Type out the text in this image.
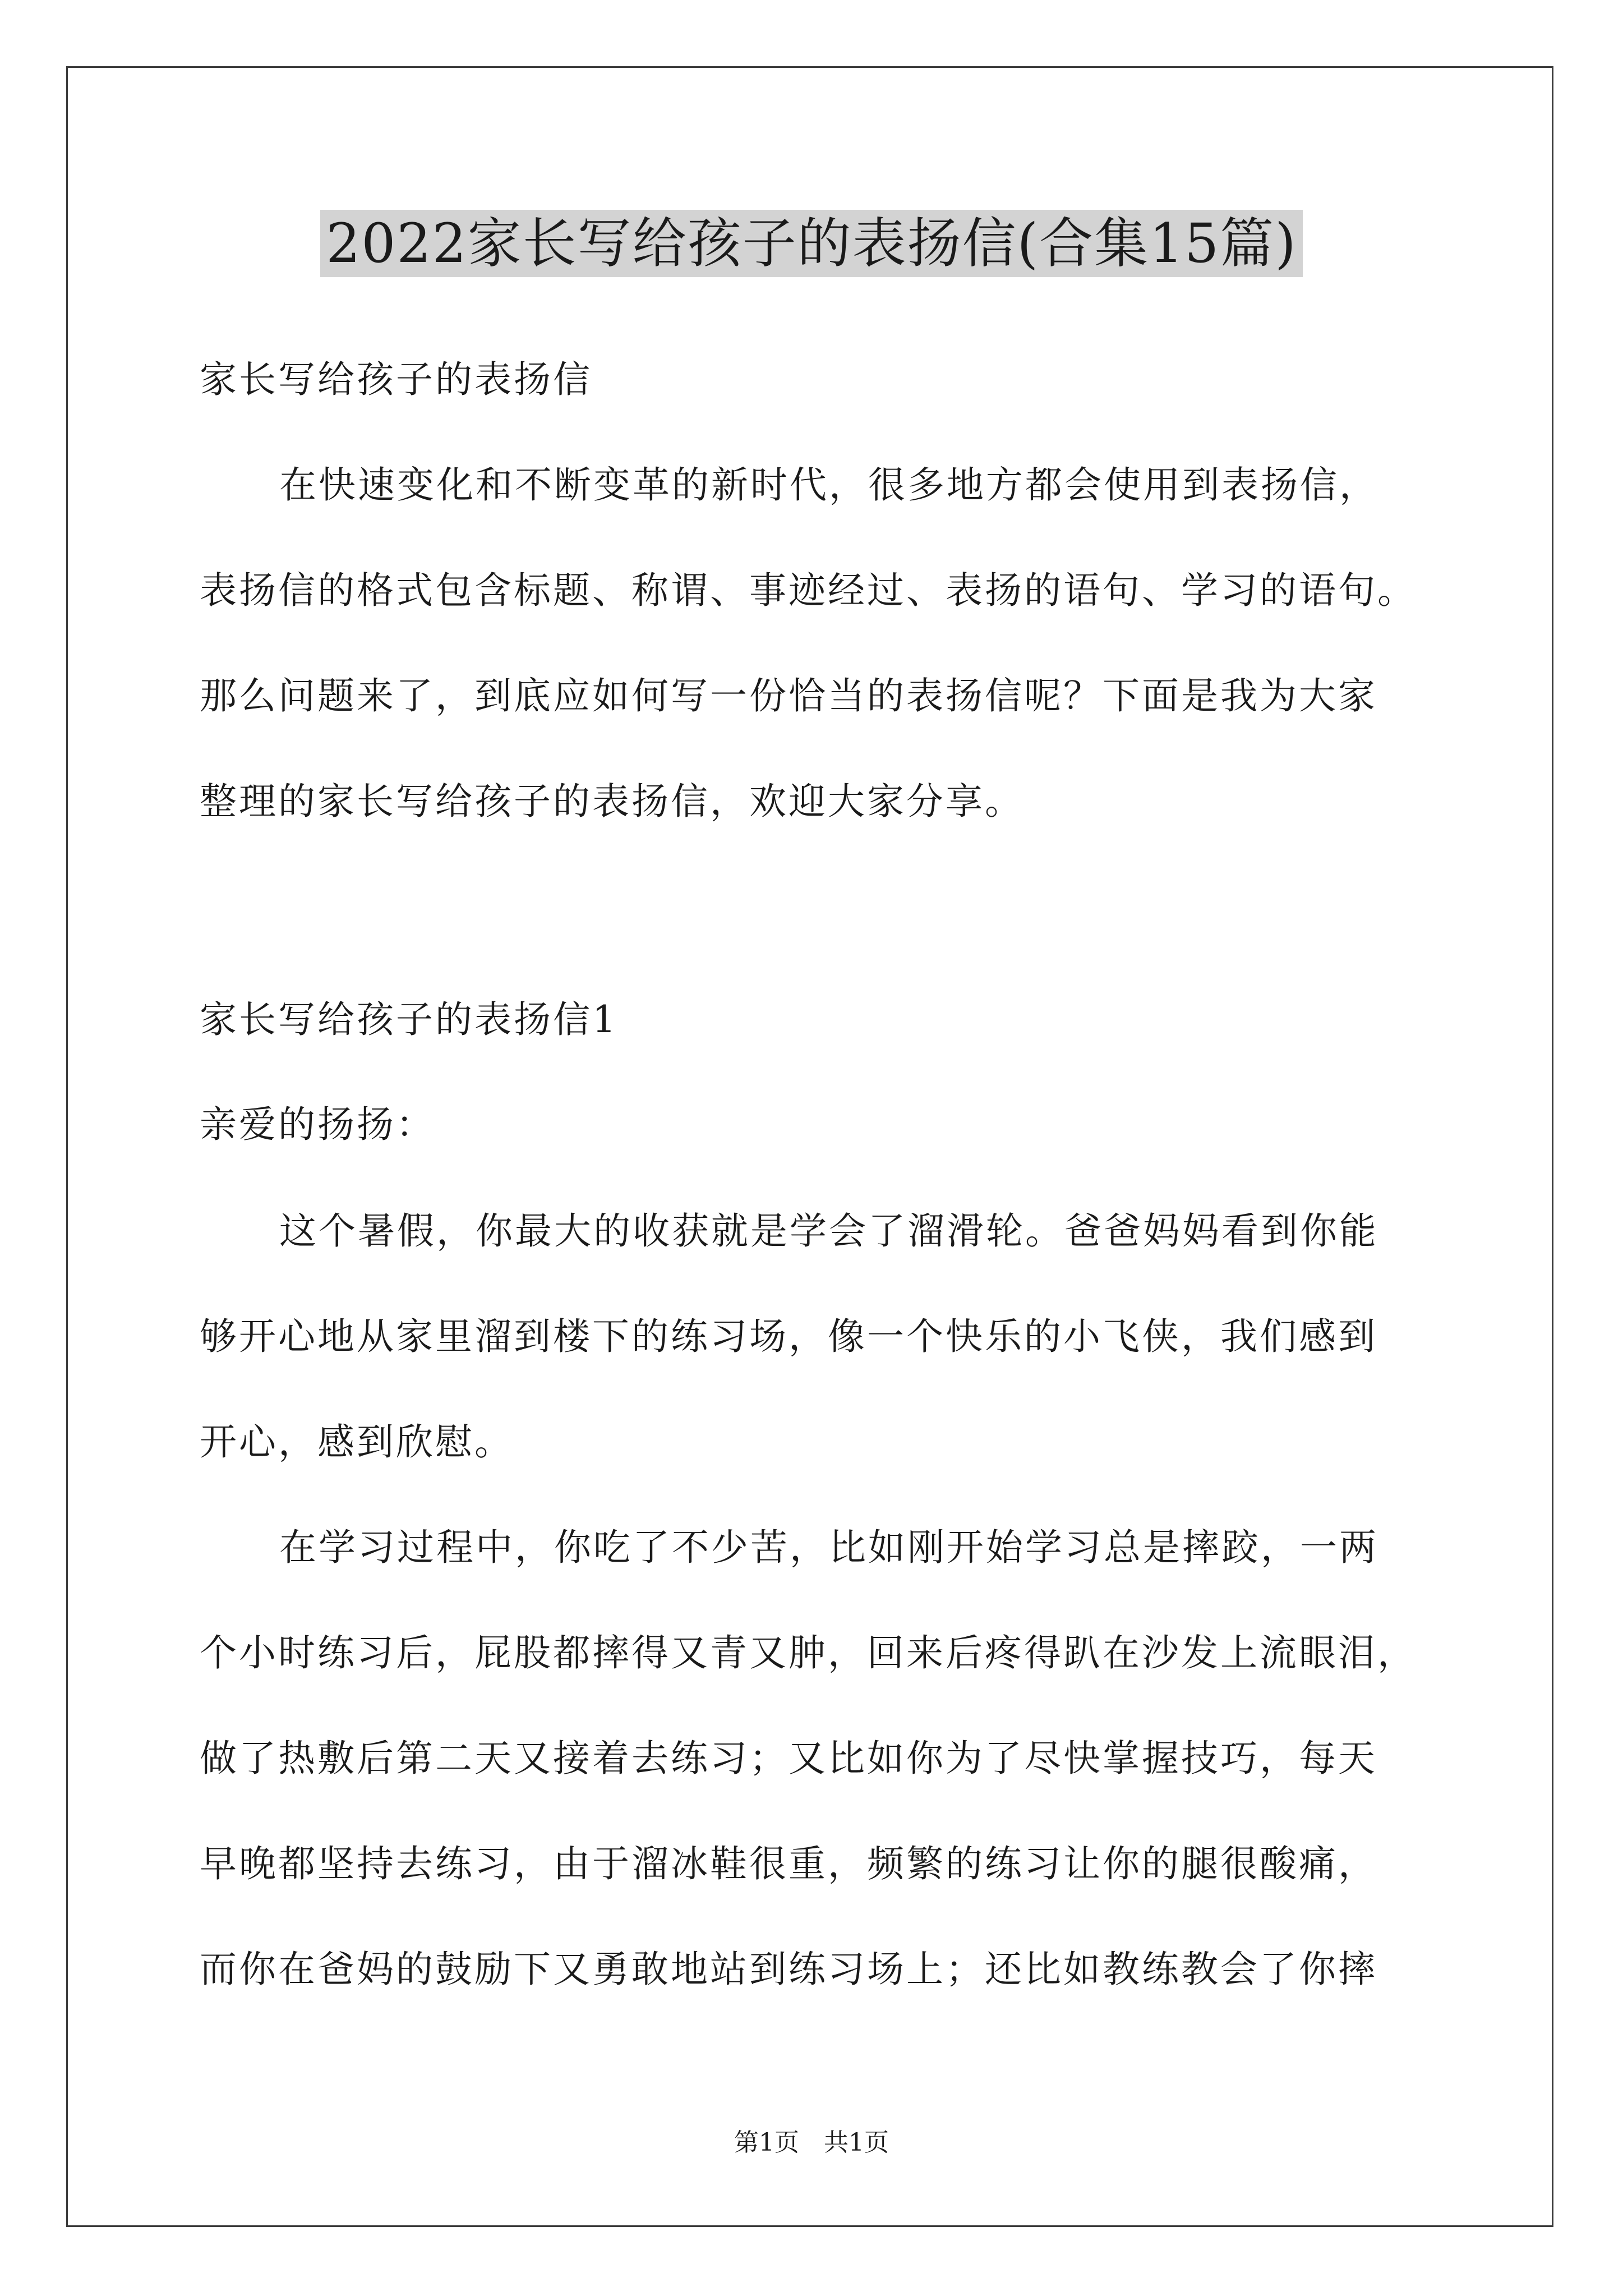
2022家长写给孩子的表扬信(合集15篇)
家长写给孩子的表扬信
在快速变化和不断变革的新时代，很多地方都会使用到表扬信，
表扬信的格式包含标题、称谓、事迹经过、表扬的语句、学习的语句。
那么问题来了，到底应如何写一份恰当的表扬信呢？下面是我为大家
整理的家长写给孩子的表扬信，欢迎大家分享。
家长写给孩子的表扬信1
亲爱的扬扬：
这个暑假，你最大的收获就是学会了溜滑轮。爸爸妈妈看到你能
够开心地从家里溜到楼下的练习场，像一个快乐的小飞侠，我们感到
开心，感到欣慰。
在学习过程中，你吃了不少苦，比如刚开始学习总是摔跤，一两
个小时练习后，屁股都摔得又青又肿，回来后疼得趴在沙发上流眼泪，
做了热敷后第二天又接着去练习；又比如你为了尽快掌握技巧，每天
早晚都坚持去练习，由于溜冰鞋很重，频繁的练习让你的腿很酸痛，
而你在爸妈的鼓励下又勇敢地站到练习场上；还比如教练教会了你摔
第1页　共1页
